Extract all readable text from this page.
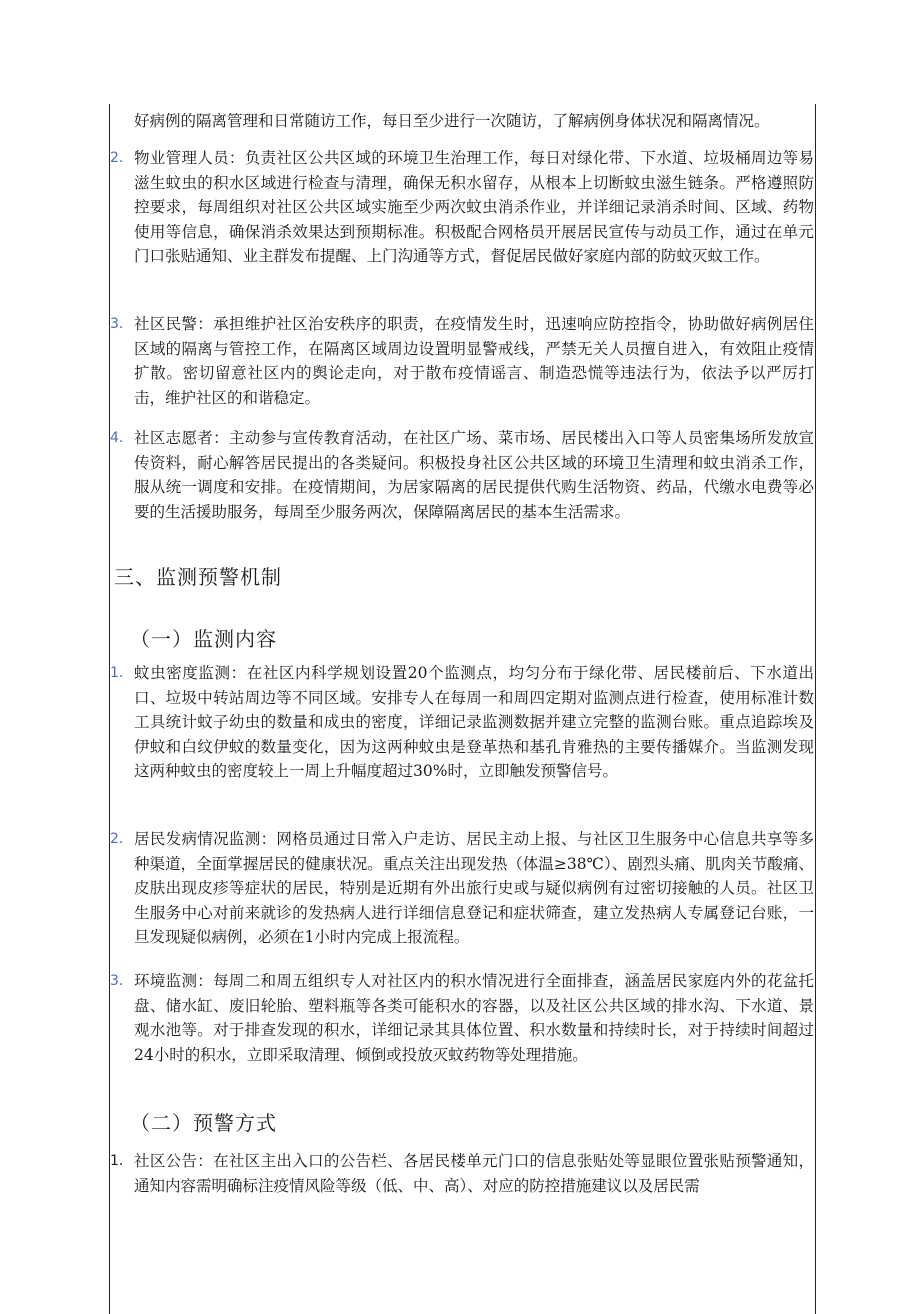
好病例的隔离管理和日常随访工作，每日至少进行一次随访，了解病例身体状况和隔离情况。
2． 物业管理人员：负责社区公共区域的环境卫生治理工作，每日对绿化带、下水道、垃圾桶周边等易滋生蚊虫的积水区域进行检查与清理，确保无积水留存，从根本上切断蚊虫滋生链条。严格遵照防控要求，每周组织对社区公共区域实施至少两次蚊虫消杀作业，并详细记录消杀时间、区域、药物使用等信息，确保消杀效果达到预期标准。积极配合网格员开展居民宣传与动员工作，通过在单元门口张贴通知、业主群发布提醒、上门沟通等方式，督促居民做好家庭内部的防蚊灭蚊工作。
3． 社区民警：承担维护社区治安秩序的职责，在疫情发生时，迅速响应防控指令，协助做好病例居住区域的隔离与管控工作，在隔离区域周边设置明显警戒线，严禁无关人员擅自进入，有效阻止疫情扩散。密切留意社区内的舆论走向，对于散布疫情谣言、制造恐慌等违法行为，依法予以严厉打击，维护社区的和谐稳定。
4． 社区志愿者：主动参与宣传教育活动，在社区广场、菜市场、居民楼出入口等人员密集场所发放宣传资料，耐心解答居民提出的各类疑问。积极投身社区公共区域的环境卫生清理和蚊虫消杀工作，服从统一调度和安排。在疫情期间，为居家隔离的居民提供代购生活物资、药品，代缴水电费等必要的生活援助服务，每周至少服务两次，保障隔离居民的基本生活需求。
三、监测预警机制
（一）监测内容
1． 蚊虫密度监测：在社区内科学规划设置20个监测点，均匀分布于绿化带、居民楼前后、下水道出口、垃圾中转站周边等不同区域。安排专人在每周一和周四定期对监测点进行检查，使用标准计数工具统计蚊子幼虫的数量和成虫的密度，详细记录监测数据并建立完整的监测台账。重点追踪埃及伊蚊和白纹伊蚊的数量变化，因为这两种蚊虫是登革热和基孔肯雅热的主要传播媒介。当监测发现这两种蚊虫的密度较上一周上升幅度超过30%时，立即触发预警信号。
2． 居民发病情况监测：网格员通过日常入户走访、居民主动上报、与社区卫生服务中心信息共享等多种渠道，全面掌握居民的健康状况。重点关注出现发热（体温≥38℃）、剧烈头痛、肌肉关节酸痛、皮肤出现皮疹等症状的居民，特别是近期有外出旅行史或与疑似病例有过密切接触的人员。社区卫生服务中心对前来就诊的发热病人进行详细信息登记和症状筛查，建立发热病人专属登记台账，一旦发现疑似病例，必须在1小时内完成上报流程。
3． 环境监测：每周二和周五组织专人对社区内的积水情况进行全面排查，涵盖居民家庭内外的花盆托盘、储水缸、废旧轮胎、塑料瓶等各类可能积水的容器，以及社区公共区域的排水沟、下水道、景观水池等。对于排查发现的积水，详细记录其具体位置、积水数量和持续时长，对于持续时间超过24小时的积水，立即采取清理、倾倒或投放灭蚊药物等处理措施。
（二）预警方式
1． 社区公告：在社区主出入口的公告栏、各居民楼单元门口的信息张贴处等显眼位置张贴预警通知，通知内容需明确标注疫情风险等级（低、中、高）、对应的防控措施建议以及居民需
